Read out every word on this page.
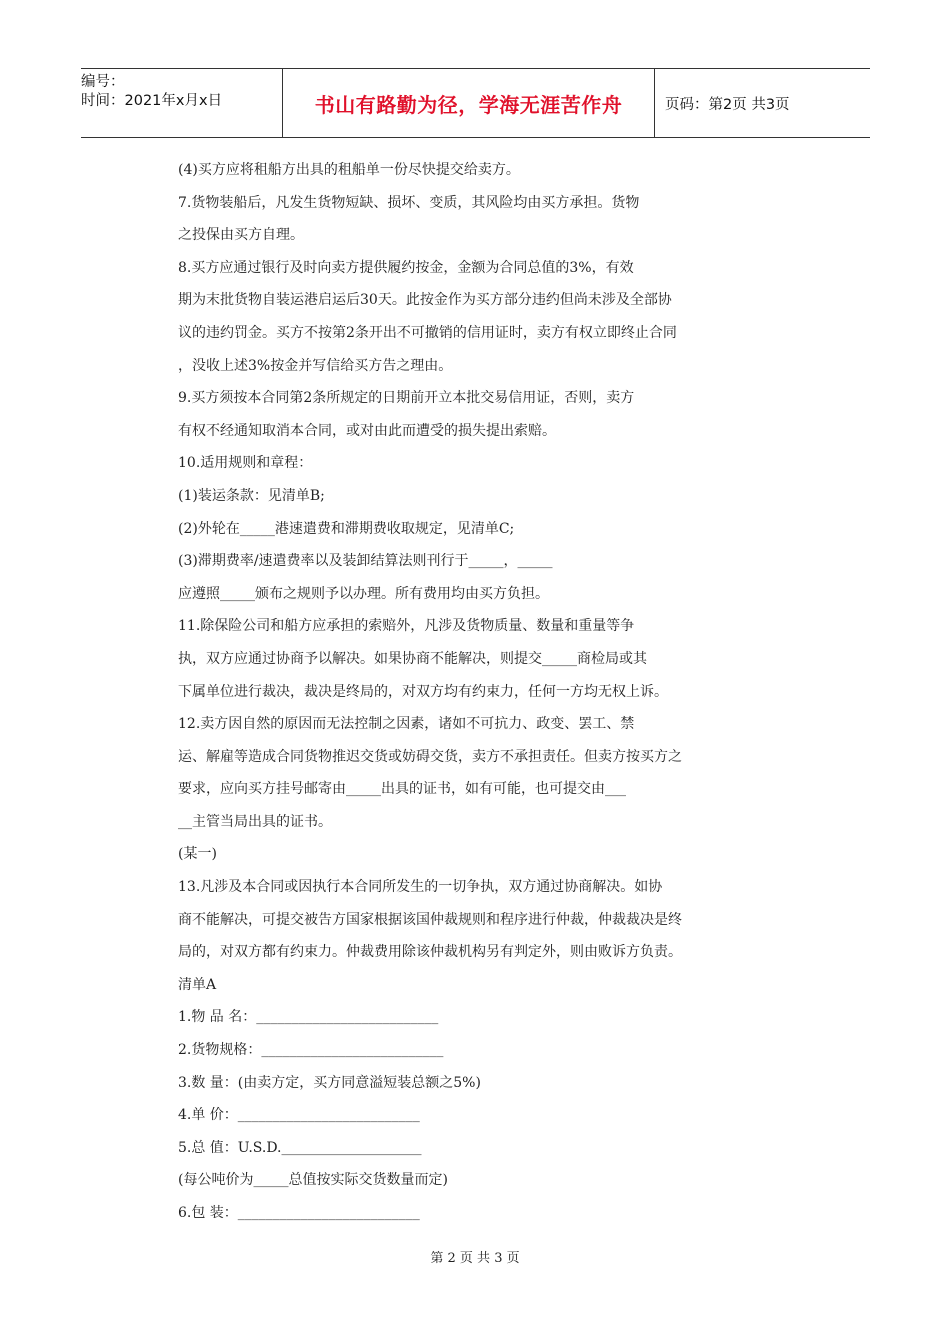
编号：
时间：2021年x月x日	书山有路勤为径，学海无涯苦作舟	页码：第2页 共3页
(4)买方应将租船方出具的租船单一份尽快提交给卖方。
7.货物装船后，凡发生货物短缺、损坏、变质，其风险均由买方承担。货物
之投保由买方自理。
8.买方应通过银行及时向卖方提供履约按金，金额为合同总值的3%，有效
期为末批货物自装运港启运后30天。此按金作为买方部分违约但尚未涉及全部协
议的违约罚金。买方不按第2条开出不可撤销的信用证时，卖方有权立即终止合同
，没收上述3%按金并写信给买方告之理由。
9.买方须按本合同第2条所规定的日期前开立本批交易信用证，否则，卖方
有权不经通知取消本合同，或对由此而遭受的损失提出索赔。
10.适用规则和章程：
(1)装运条款：见清单B;
(2)外轮在_____港速遣费和滞期费收取规定，见清单C;
(3)滞期费率/速遣费率以及装卸结算法则刊行于_____，_____
应遵照_____颁布之规则予以办理。所有费用均由买方负担。
11.除保险公司和船方应承担的索赔外，凡涉及货物质量、数量和重量等争
执，双方应通过协商予以解决。如果协商不能解决，则提交_____商检局或其
下属单位进行裁决，裁决是终局的，对双方均有约束力，任何一方均无权上诉。
12.卖方因自然的原因而无法控制之因素，诸如不可抗力、政变、罢工、禁
运、解雇等造成合同货物推迟交货或妨碍交货，卖方不承担责任。但卖方按买方之
要求，应向买方挂号邮寄由_____出具的证书，如有可能，也可提交由___
__主管当局出具的证书。
(某一)
13.凡涉及本合同或因执行本合同所发生的一切争执，双方通过协商解决。如协
商不能解决，可提交被告方国家根据该国仲裁规则和程序进行仲裁，仲裁裁决是终
局的，对双方都有约束力。仲裁费用除该仲裁机构另有判定外，则由败诉方负责。
清单A
1.物 品 名：__________________________
2.货物规格：__________________________
3.数 量：(由卖方定，买方同意溢短装总额之5%)
4.单 价：__________________________
5.总 值：U.S.D.____________________
(每公吨价为_____总值按实际交货数量而定)
6.包 装：__________________________
第 2 页 共 3 页
